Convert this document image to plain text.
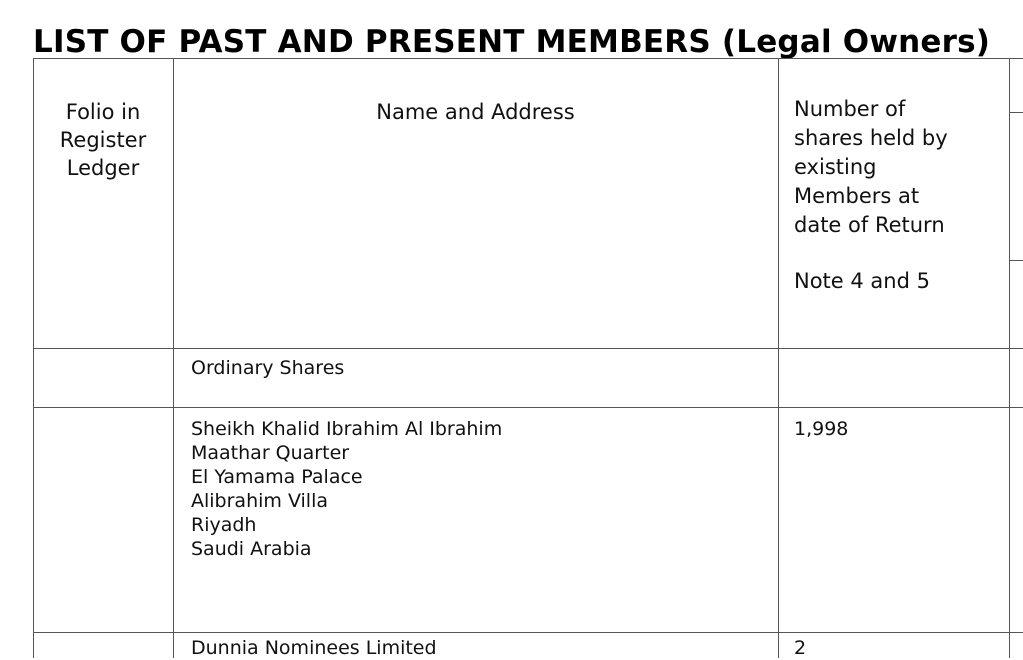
LIST OF PAST AND PRESENT MEMBERS (Legal Owners)
Folio in
Register
Ledger
Name and Address	Number of
shares held by
existing
Members at
date of Return
Note 4 and 5
Ordinary Shares
Sheikh Khalid Ibrahim Al Ibrahim
Maathar Quarter
El Yamama Palace
Alibrahim Villa
Riyadh
Saudi Arabia
1,998
Dunnia Nominees Limited	2
